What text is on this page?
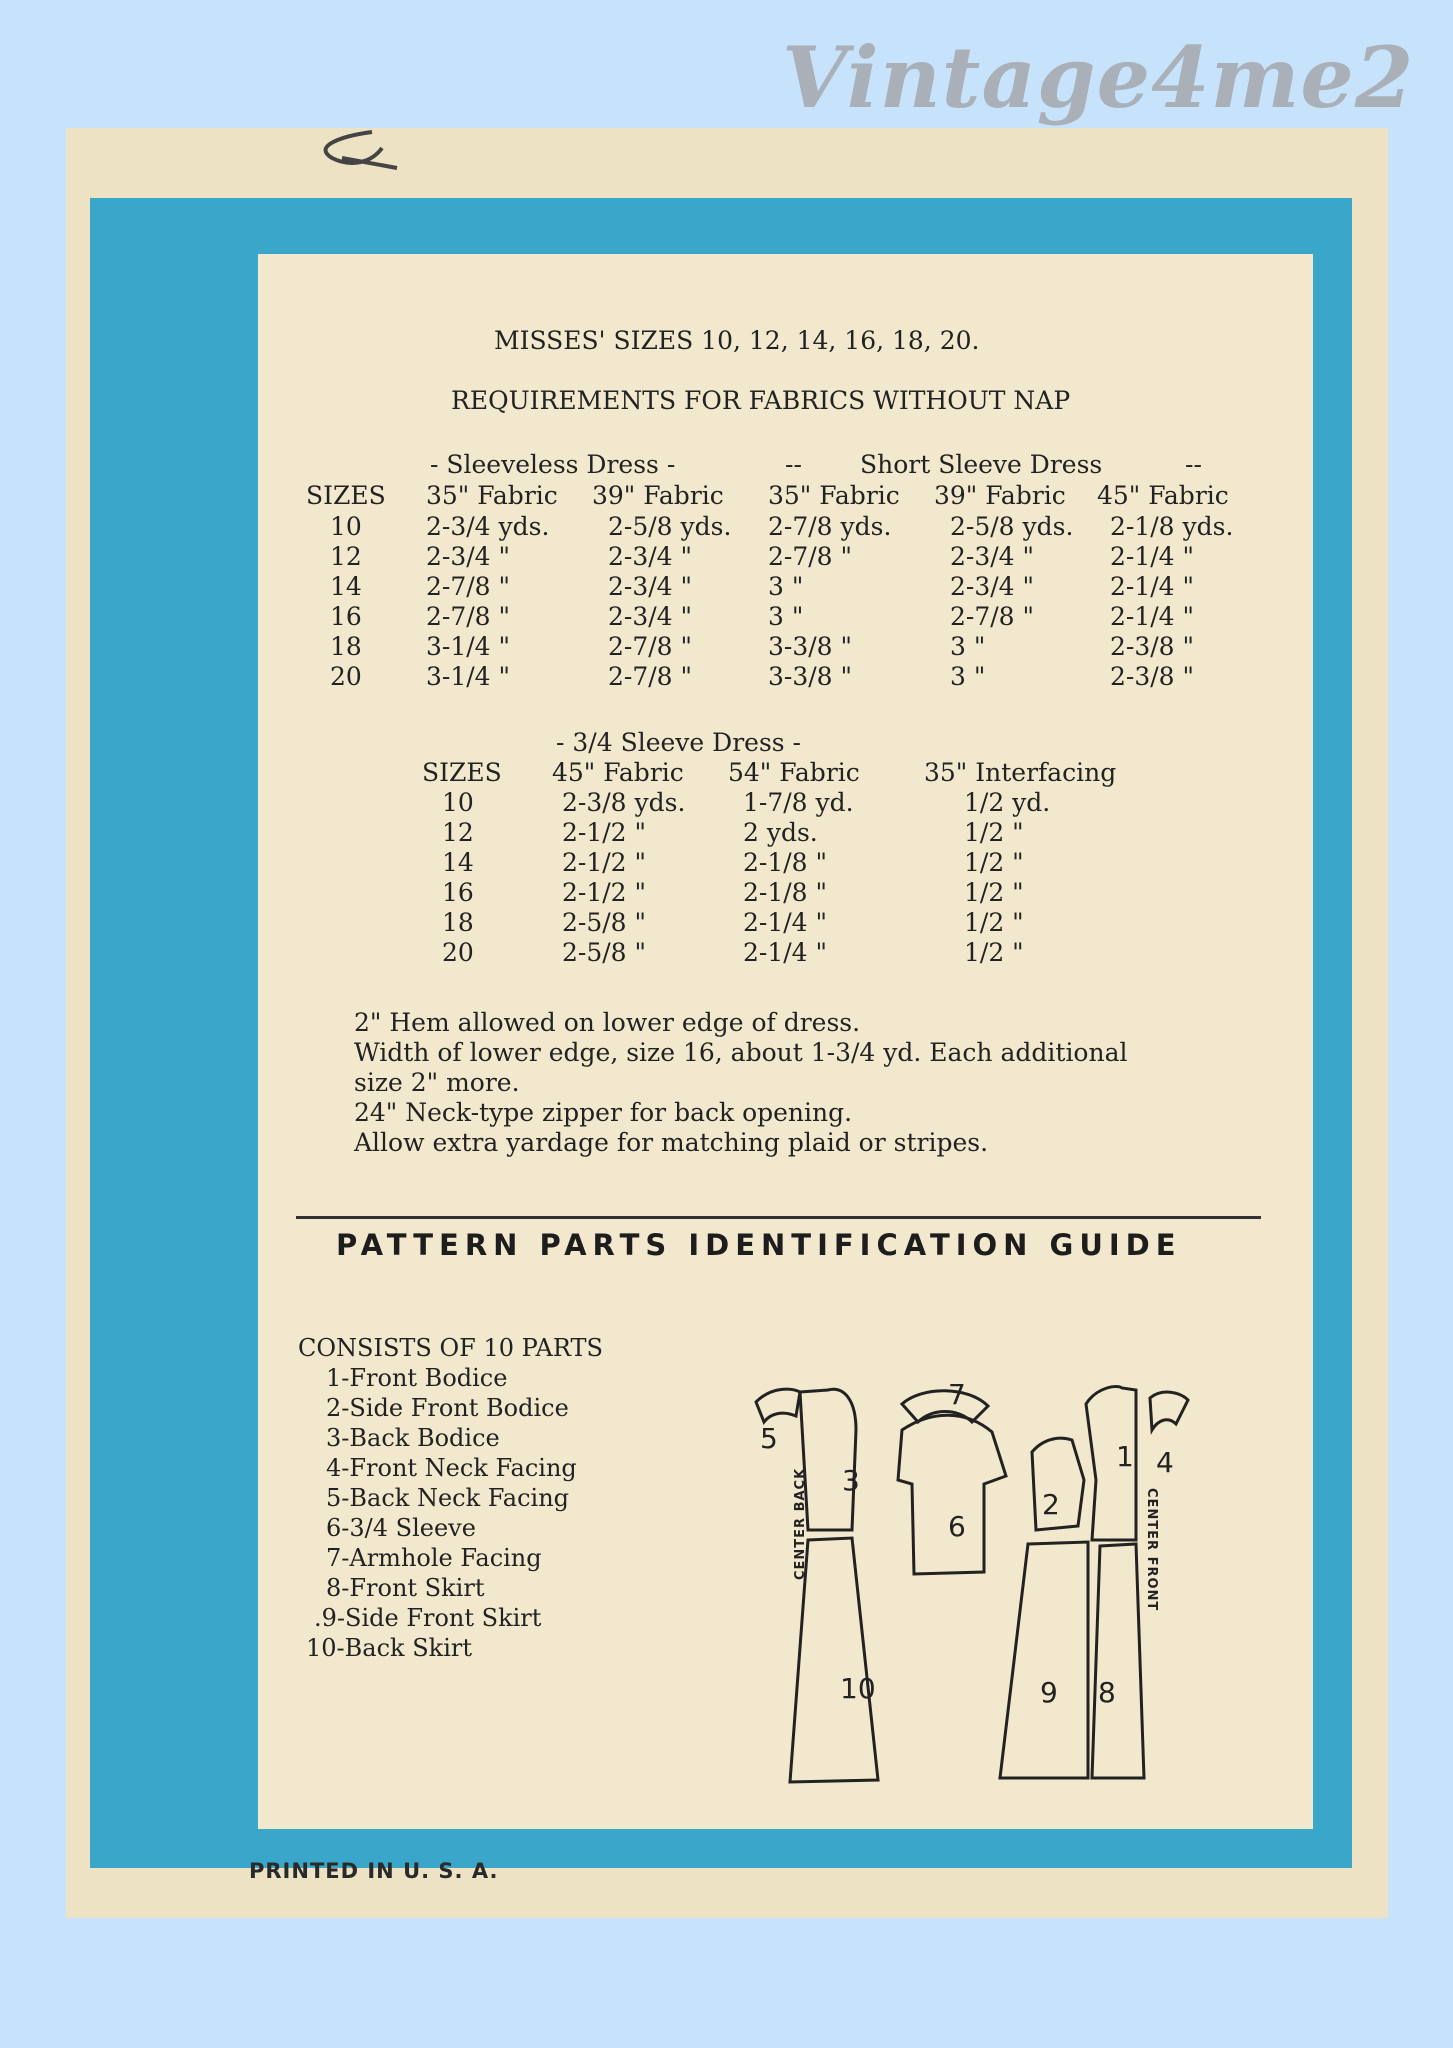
Vintage4me2
PRINTED IN U. S. A.
MISSES' SIZES 10, 12, 14, 16, 18, 20.
REQUIREMENTS FOR FABRICS WITHOUT NAP
- Sleeveless Dress -	-- Short Sleeve Dress	--
SIZES 35" Fabric 39" Fabric 35" Fabric 39" Fabric 45" Fabric
10	2-3/4 yds. 2-5/8 yds. 2-7/8 yds. 2-5/8 yds. 2-1/8 yds.
12	2-3/4 "	2-3/4 "	2-7/8 "	2-3/4 "	2-1/4 "
14	2-7/8 "	2-3/4 "	3 "	2-3/4 "	2-1/4 "
16	2-7/8 "	2-3/4 "	3 "	2-7/8 "	2-1/4 "
18	3-1/4 "	2-7/8 "	3-3/8 "	3 "	2-3/8 "
20	3-1/4 "	2-7/8 "	3-3/8 "	3 "	2-3/8 "
- 3/4 Sleeve Dress -
SIZES 45" Fabric 54" Fabric	35" Interfacing
10	2-3/8 yds. 1-7/8 yd.	1/2 yd.
12	2-1/2 "	2 yds.	1/2 "
14	2-1/2 "	2-1/8 "	1/2 "
16	2-1/2 "	2-1/8 "	1/2 "
18	2-5/8 "	2-1/4 "	1/2 "
20	2-5/8 "	2-1/4 "	1/2 "
2" Hem allowed on lower edge of dress.
Width of lower edge, size 16, about 1-3/4 yd. Each additional
size 2" more.
24" Neck-type zipper for back opening.
Allow extra yardage for matching plaid or stripes.
PATTERN PARTS IDENTIFICATION GUIDE
CONSISTS OF 10 PARTS
1-Front Bodice
2-Side Front Bodice
3-Back Bodice
4-Front Neck Facing
5-Back Neck Facing
6-3/4 Sleeve
7-Armhole Facing
8-Front Skirt
.9-Side Front Skirt
10-Back Skirt
5
3
7
6
2
1 4
10	9 8
CENTER BACK	CENTER FRONT
